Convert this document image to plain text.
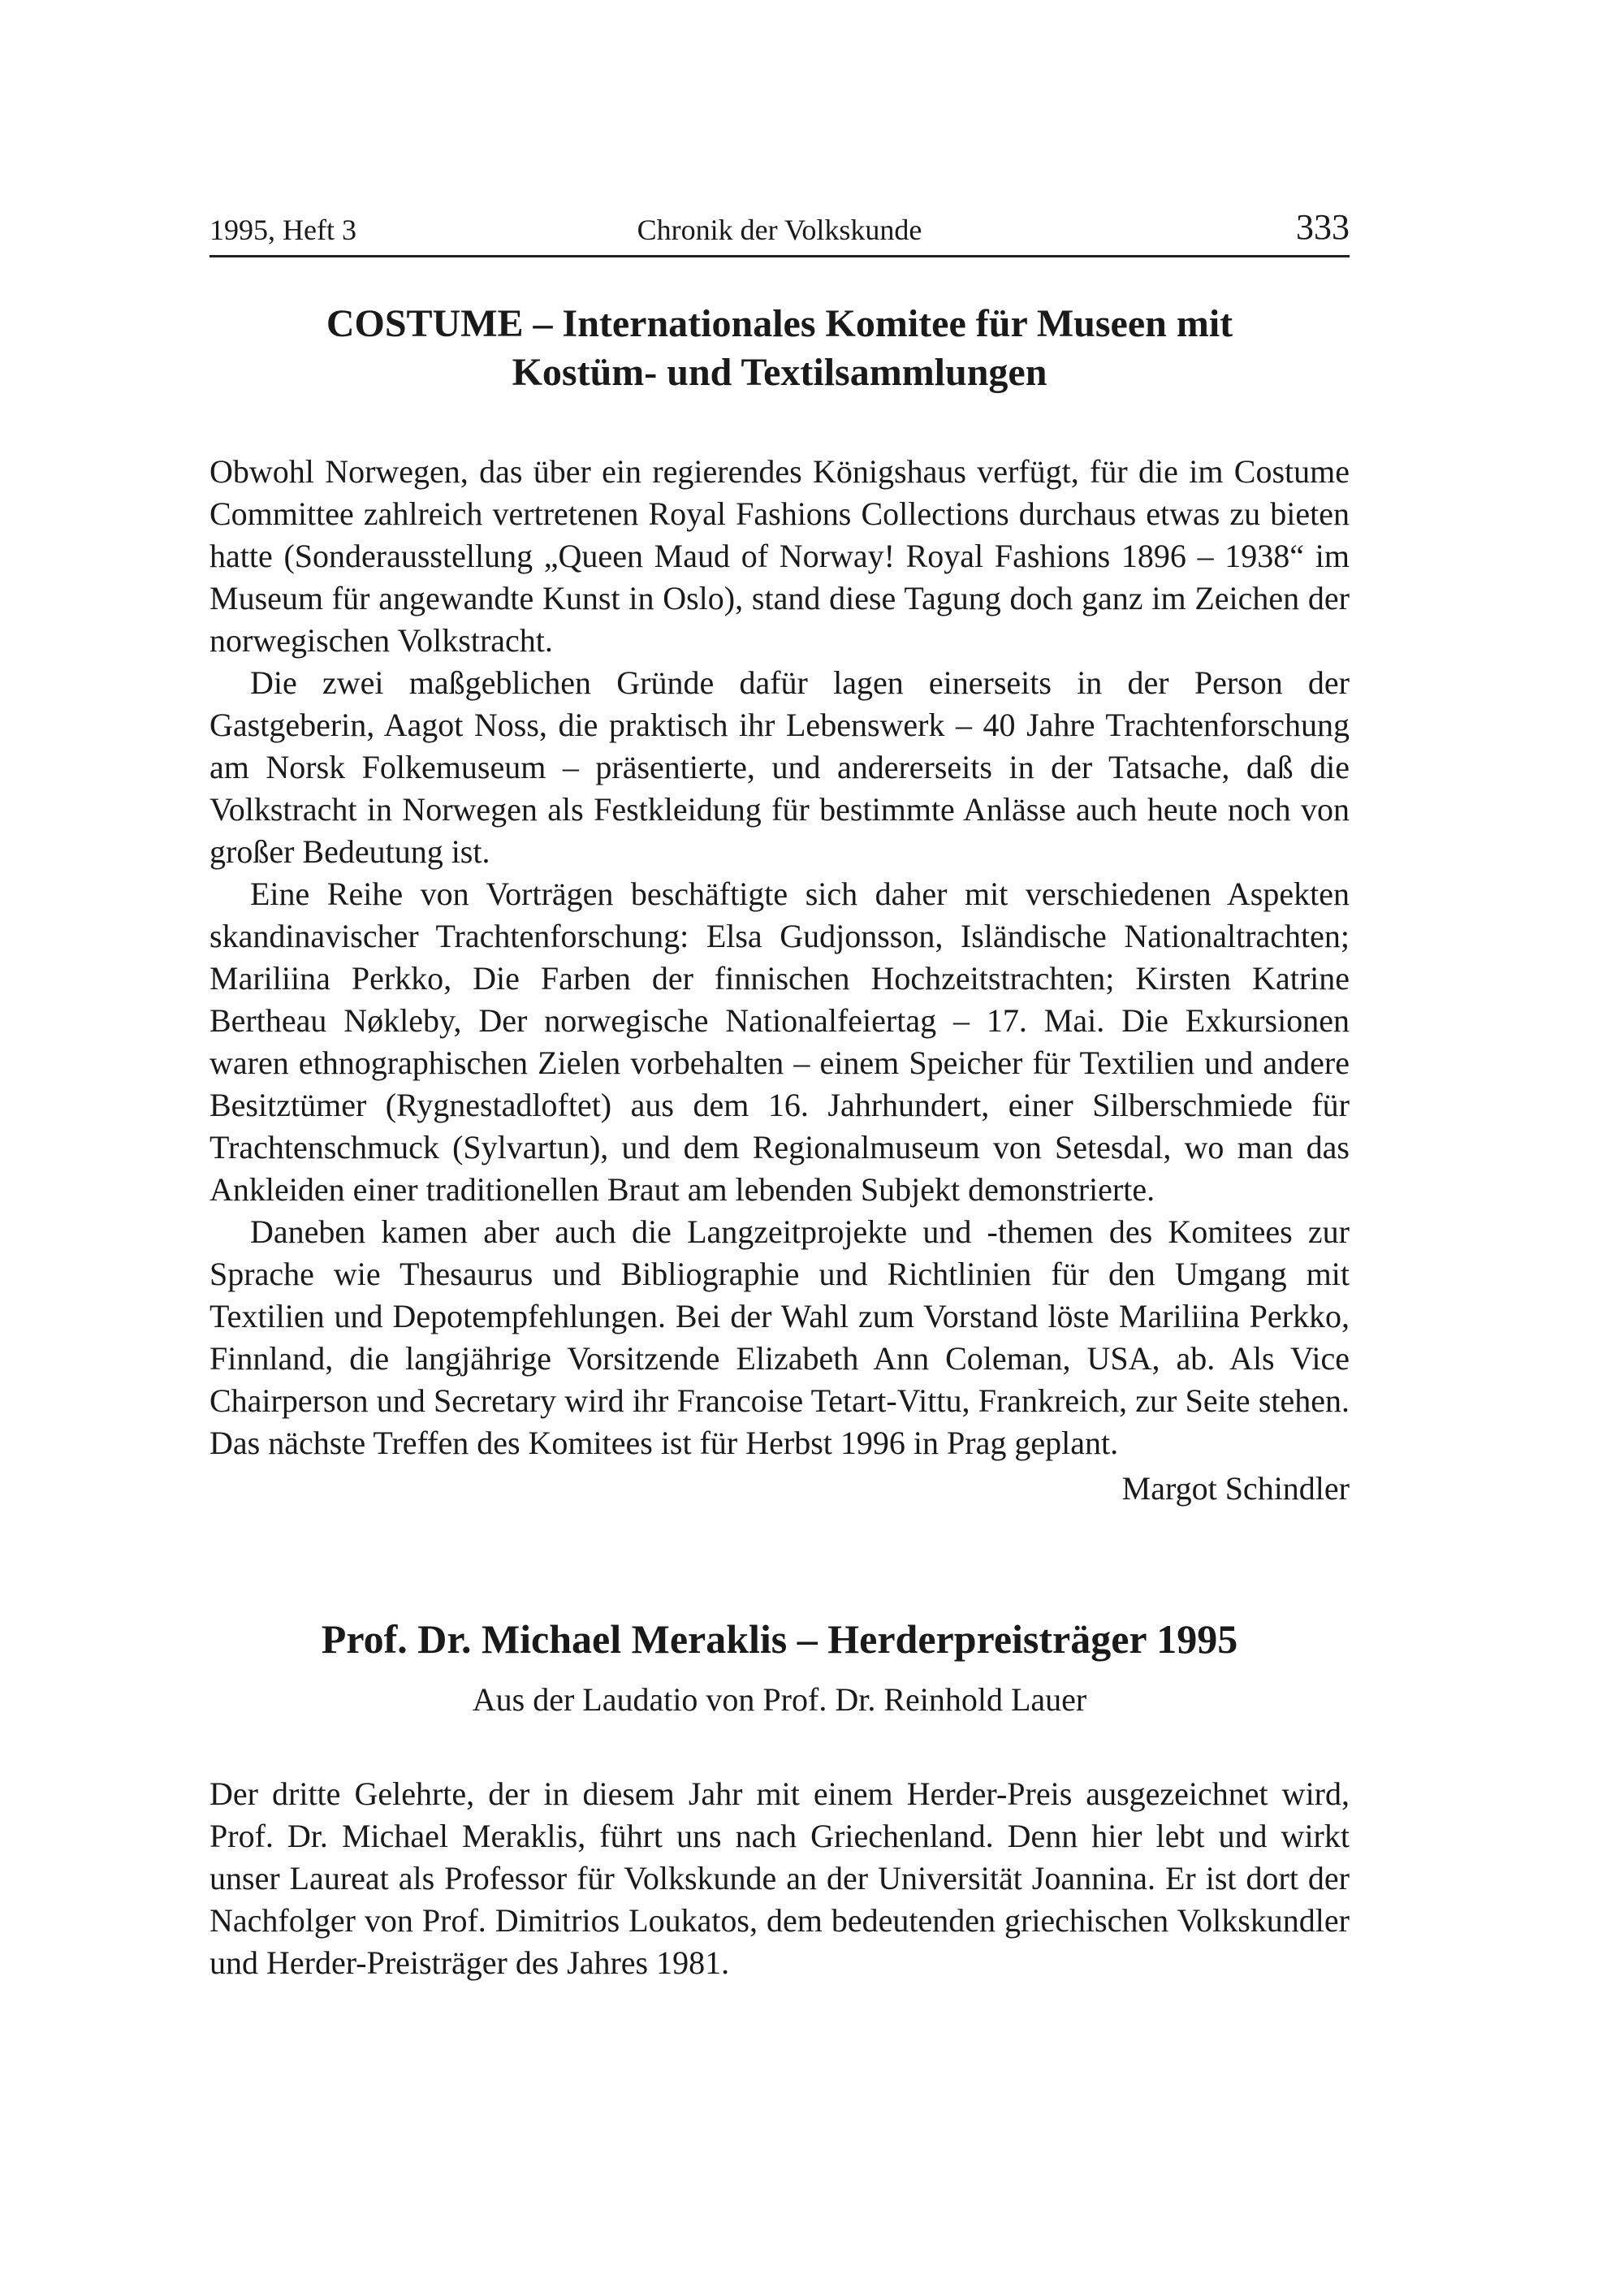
1995, Heft 3	Chronik der Volkskunde	333
COSTUME – Internationales Komitee für Museen mit
Kostüm- und Textilsammlungen

Obwohl Norwegen, das über ein regierendes Königshaus verfügt, für die im Costume Committee zahlreich vertretenen Royal Fashions Collections durchaus etwas zu bieten hatte (Sonderausstellung „Queen Maud of Norway! Royal Fashions 1896 – 1938“ im Museum für angewandte Kunst in Oslo), stand diese Tagung doch ganz im Zeichen der norwegischen Volkstracht.

Die zwei maßgeblichen Gründe dafür lagen einerseits in der Person der Gastgeberin, Aagot Noss, die praktisch ihr Lebenswerk – 40 Jahre Trachtenforschung am Norsk Folkemuseum – präsentierte, und andererseits in der Tatsache, daß die Volkstracht in Norwegen als Festkleidung für bestimmte Anlässe auch heute noch von großer Bedeutung ist.

Eine Reihe von Vorträgen beschäftigte sich daher mit verschiedenen Aspekten skandinavischer Trachtenforschung: Elsa Gudjonsson, Isländische Nationaltrachten; Mariliina Perkko, Die Farben der finnischen Hochzeitstrachten; Kirsten Katrine Bertheau Nøkleby, Der norwegische Nationalfeiertag – 17. Mai. Die Exkursionen waren ethnographischen Zielen vorbehalten – einem Speicher für Textilien und andere Besitztümer (Rygnestadloftet) aus dem 16. Jahrhundert, einer Silberschmiede für Trachtenschmuck (Sylvartun), und dem Regionalmuseum von Setesdal, wo man das Ankleiden einer traditionellen Braut am lebenden Subjekt demonstrierte.

Daneben kamen aber auch die Langzeitprojekte und -themen des Komitees zur Sprache wie Thesaurus und Bibliographie und Richtlinien für den Umgang mit Textilien und Depotempfehlungen. Bei der Wahl zum Vorstand löste Mariliina Perkko, Finnland, die langjährige Vorsitzende Elizabeth Ann Coleman, USA, ab. Als Vice Chairperson und Secretary wird ihr Francoise Tetart-Vittu, Frankreich, zur Seite stehen. Das nächste Treffen des Komitees ist für Herbst 1996 in Prag geplant.

Margot Schindler
Prof. Dr. Michael Meraklis – Herderpreisträger 1995
Aus der Laudatio von Prof. Dr. Reinhold Lauer

Der dritte Gelehrte, der in diesem Jahr mit einem Herder-Preis ausgezeichnet wird, Prof. Dr. Michael Meraklis, führt uns nach Griechenland. Denn hier lebt und wirkt unser Laureat als Professor für Volkskunde an der Universität Joannina. Er ist dort der Nachfolger von Prof. Dimitrios Loukatos, dem bedeutenden griechischen Volkskundler und Herder-Preisträger des Jahres 1981.
